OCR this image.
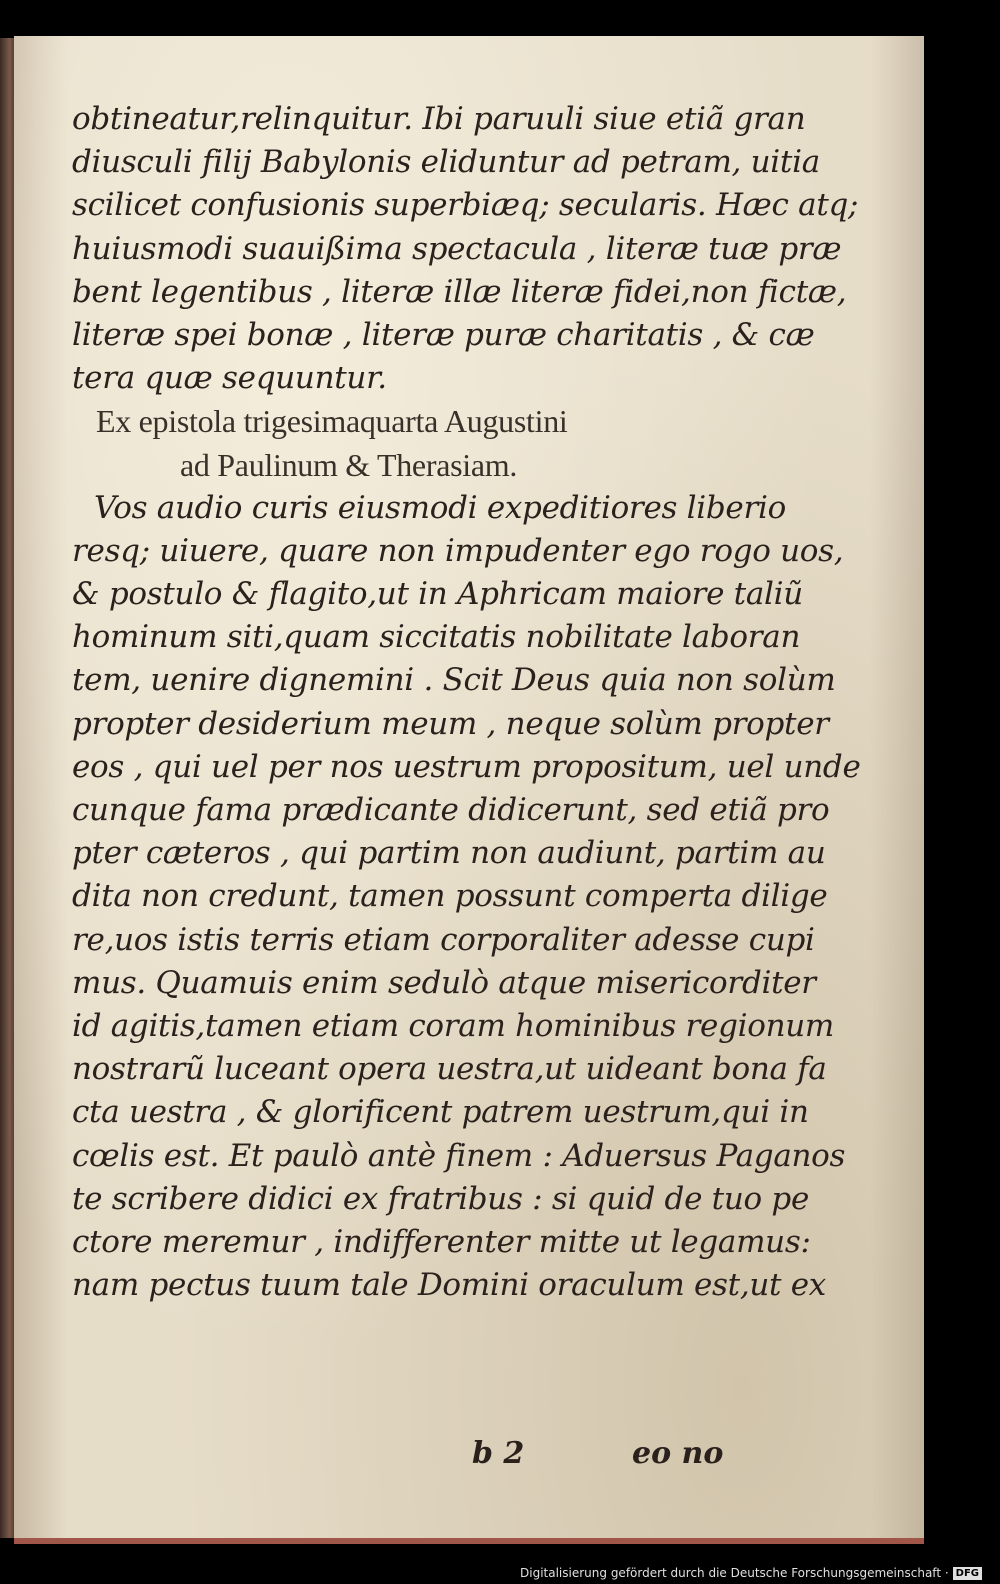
obtineatur,relinquitur. Ibi paruuli siue etiã gran
diusculi filij Babylonis eliduntur ad petram, uitia
scilicet confusionis superbiæq; secularis. Hæc atq;
huiusmodi suauißima spectacula , literæ tuæ præ
bent legentibus , literæ illæ literæ fidei,non fictæ,
literæ spei bonæ , literæ puræ charitatis , & cæ
tera quæ sequuntur.
Ex epistola trigesimaquarta Augustini
ad Paulinum & Therasiam.
Vos audio curis eiusmodi expeditiores liberio
resq; uiuere, quare non impudenter ego rogo uos,
& postulo & flagito,ut in Aphricam maiore taliũ
hominum siti,quam siccitatis nobilitate laboran
tem, uenire dignemini . Scit Deus quia non solùm
propter desiderium meum , neque solùm propter
eos , qui uel per nos uestrum propositum, uel unde
cunque fama prædicante didicerunt, sed etiã pro
pter cæteros , qui partim non audiunt, partim au
dita non credunt, tamen possunt comperta dilige
re,uos istis terris etiam corporaliter adesse cupi
mus. Quamuis enim sedulò atque misericorditer
id agitis,tamen etiam coram hominibus regionum
nostrarũ luceant opera uestra,ut uideant bona fa
cta uestra , & glorificent patrem uestrum,qui in
cœlis est. Et paulò antè finem : Aduersus Paganos
te scribere didici ex fratribus : si quid de tuo pe
ctore meremur , indifferenter mitte ut legamus:
nam pectus tuum tale Domini oraculum est,ut ex
b 2	eo no
Digitalisierung gefördert durch die Deutsche Forschungsgemeinschaft · DFG
